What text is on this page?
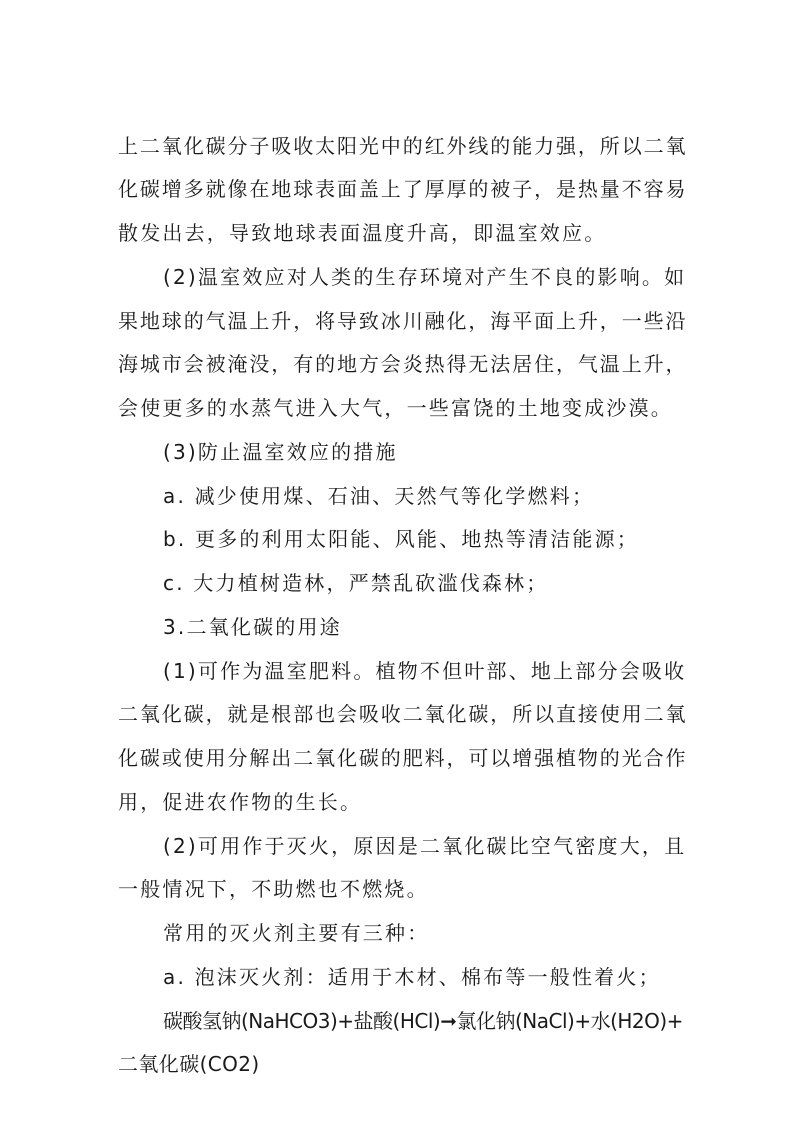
上二氧化碳分子吸收太阳光中的红外线的能力强，所以二氧
化碳增多就像在地球表面盖上了厚厚的被子，是热量不容易
散发出去，导致地球表面温度升高，即温室效应。
(2)温室效应对人类的生存环境对产生不良的影响。如
果地球的气温上升，将导致冰川融化，海平面上升，一些沿
海城市会被淹没，有的地方会炎热得无法居住，气温上升，
会使更多的水蒸气进入大气，一些富饶的土地变成沙漠。
(3)防止温室效应的措施
a. 减少使用煤、石油、天然气等化学燃料；
b. 更多的利用太阳能、风能、地热等清洁能源；
c. 大力植树造林，严禁乱砍滥伐森林；
3.二氧化碳的用途
(1)可作为温室肥料。植物不但叶部、地上部分会吸收
二氧化碳，就是根部也会吸收二氧化碳，所以直接使用二氧
化碳或使用分解出二氧化碳的肥料，可以增强植物的光合作
用，促进农作物的生长。
(2)可用作于灭火，原因是二氧化碳比空气密度大，且
一般情况下，不助燃也不燃烧。
常用的灭火剂主要有三种：
a. 泡沫灭火剂：适用于木材、棉布等一般性着火；
碳酸氢钠(NaHCO3)+盐酸(HCl)➞氯化钠(NaCl)+水(H2O)+
二氧化碳(CO2)
